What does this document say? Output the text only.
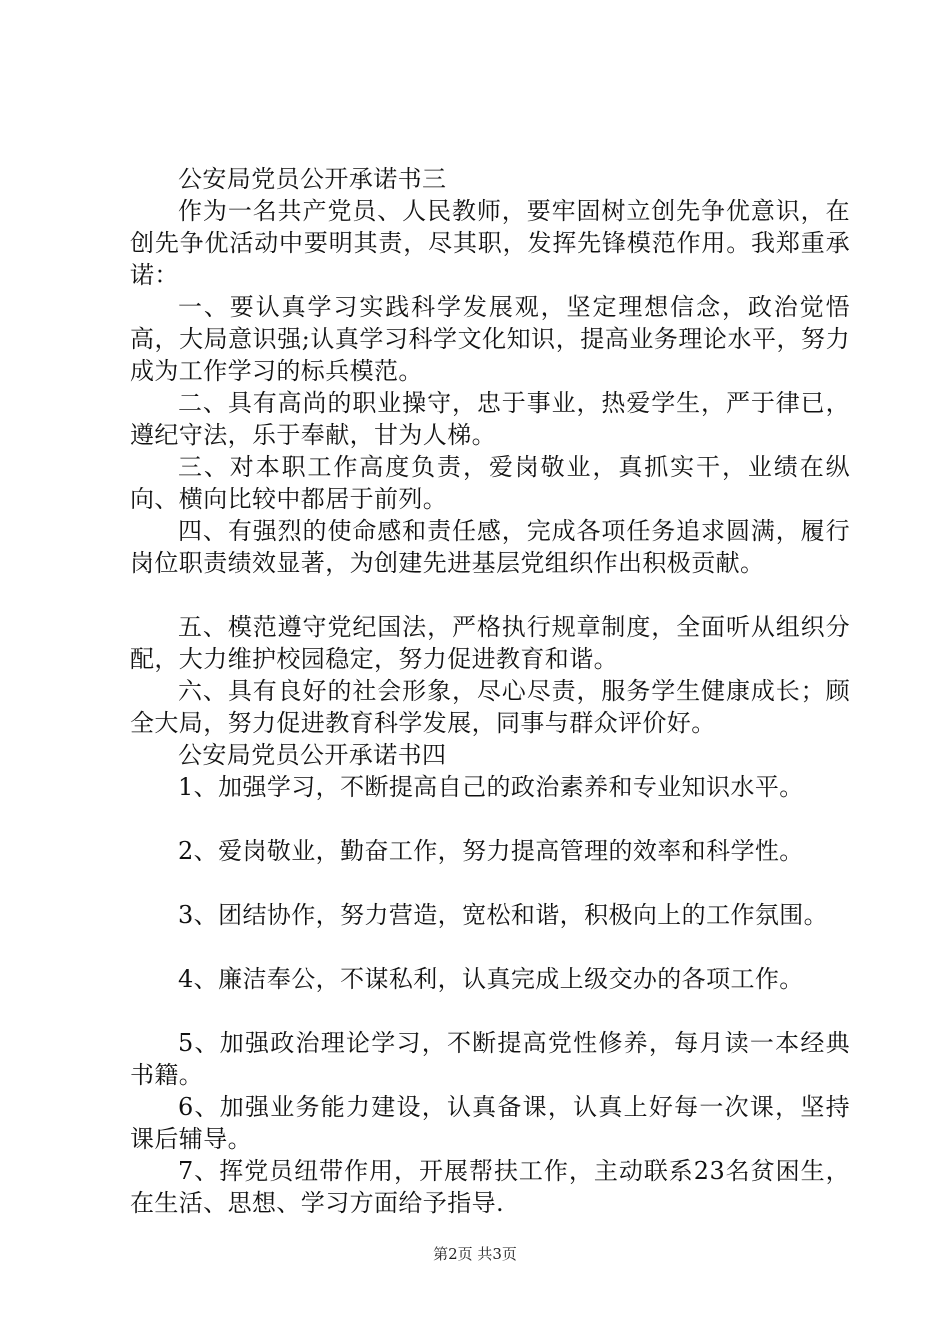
公安局党员公开承诺书三

作为一名共产党员、人民教师，要牢固树立创先争优意识，在创先争优活动中要明其责，尽其职，发挥先锋模范作用。我郑重承诺：

一、要认真学习实践科学发展观，坚定理想信念，政治觉悟高，大局意识强;认真学习科学文化知识，提高业务理论水平，努力成为工作学习的标兵模范。

二、具有高尚的职业操守，忠于事业，热爱学生，严于律已，遵纪守法，乐于奉献，甘为人梯。

三、对本职工作高度负责，爱岗敬业，真抓实干，业绩在纵向、横向比较中都居于前列。

四、有强烈的使命感和责任感，完成各项任务追求圆满，履行岗位职责绩效显著，为创建先进基层党组织作出积极贡献。

五、模范遵守党纪国法，严格执行规章制度，全面听从组织分配，大力维护校园稳定，努力促进教育和谐。

六、具有良好的社会形象，尽心尽责，服务学生健康成长；顾全大局，努力促进教育科学发展，同事与群众评价好。

公安局党员公开承诺书四

1、加强学习，不断提高自己的政治素养和专业知识水平。

2、爱岗敬业，勤奋工作，努力提高管理的效率和科学性。

3、团结协作，努力营造，宽松和谐，积极向上的工作氛围。

4、廉洁奉公，不谋私利，认真完成上级交办的各项工作。

5、加强政治理论学习，不断提高党性修养，每月读一本经典书籍。

6、加强业务能力建设，认真备课，认真上好每一次课，坚持课后辅导。

7、挥党员纽带作用，开展帮扶工作，主动联系23名贫困生，在生活、思想、学习方面给予指导.

第2页 共3页
